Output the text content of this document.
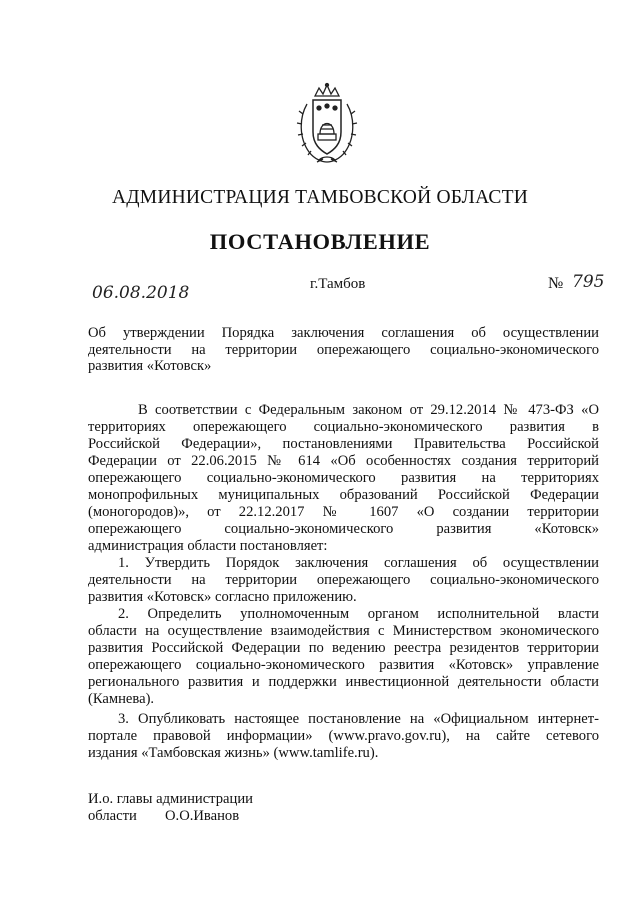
АДМИНИСТРАЦИЯ ТАМБОВСКОЙ ОБЛАСТИ
ПОСТАНОВЛЕНИЕ
06.08.2018	г.Тамбов	№ 795
Об утверждении Порядка заключения соглашения об осуществлении
деятельности на территории опережающего социально-экономического
развития «Котовск»
В соответствии с Федеральным законом от 29.12.2014 № 473-ФЗ «О
территориях опережающего социально-экономического развития в
Российской Федерации», постановлениями Правительства Российской
Федерации от 22.06.2015 № 614 «Об особенностях создания территорий
опережающего социально-экономического развития на территориях
монопрофильных муниципальных образований Российской Федерации
(моногородов)», от 22.12.2017 № 1607 «О создании территории
опережающего социально-экономического развития «Котовск»
администрация области постановляет:
1. Утвердить Порядок заключения соглашения об осуществлении
деятельности на территории опережающего социально-экономического
развития «Котовск» согласно приложению.
2. Определить уполномоченным органом исполнительной власти
области на осуществление взаимодействия с Министерством экономического
развития Российской Федерации по ведению реестра резидентов территории
опережающего социально-экономического развития «Котовск» управление
регионального развития и поддержки инвестиционной деятельности области
(Камнева).
3. Опубликовать настоящее постановление на «Официальном интернет-
портале правовой информации» (www.pravo.gov.ru), на сайте сетевого
издания «Тамбовская жизнь» (www.tamlife.ru).
И.о. главы администрации
области О.О.Иванов
